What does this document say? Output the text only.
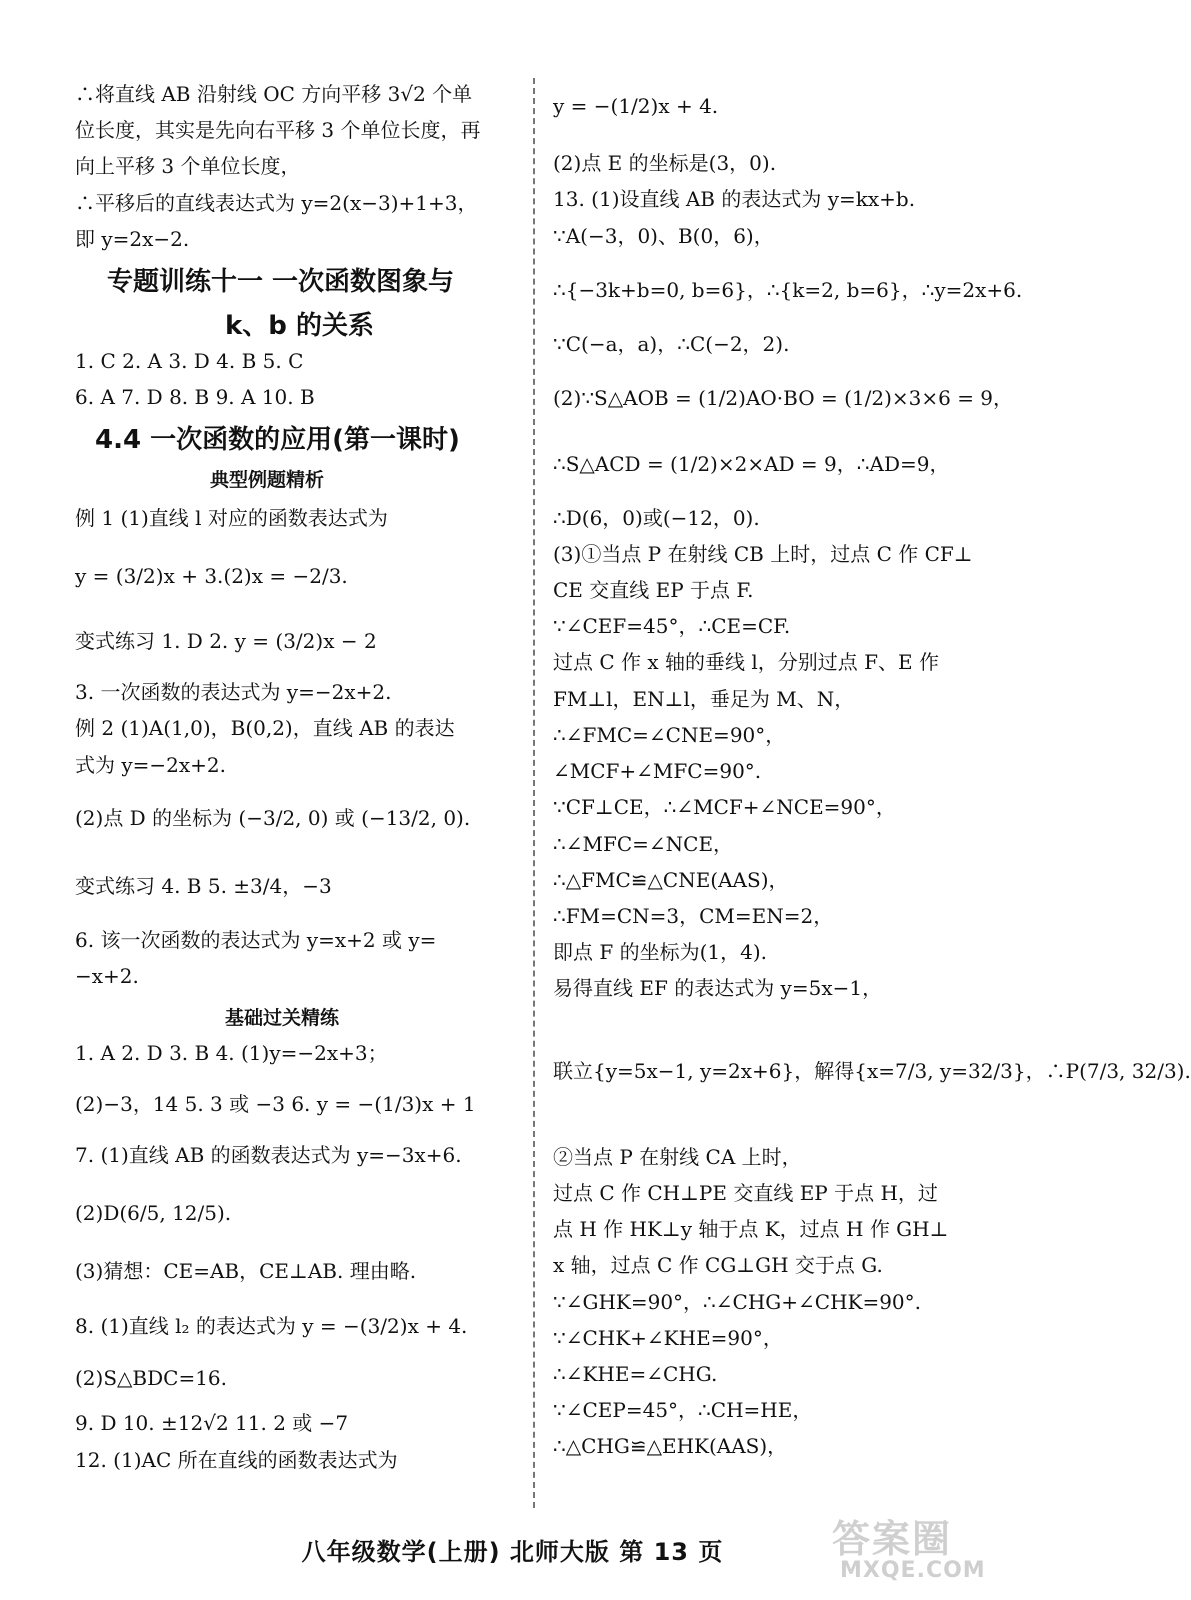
∴将直线 AB 沿射线 OC 方向平移 3√2 个单
位长度，其实是先向右平移 3 个单位长度，再
向上平移 3 个单位长度，
∴平移后的直线表达式为 y=2(x−3)+1+3，
即 y=2x−2.
专题训练十一 一次函数图象与
k、b 的关系
1. C 2. A 3. D 4. B 5. C
6. A 7. D 8. B 9. A 10. B
4.4 一次函数的应用(第一课时)
典型例题精析
例 1 (1)直线 l 对应的函数表达式为
y = (3/2)x + 3.(2)x = −2/3.
变式练习 1. D 2. y = (3/2)x − 2
3. 一次函数的表达式为 y=−2x+2.
例 2 (1)A(1,0)，B(0,2)，直线 AB 的表达
式为 y=−2x+2.
(2)点 D 的坐标为 (−3/2, 0) 或 (−13/2, 0).
变式练习 4. B 5. ±3/4，−3
6. 该一次函数的表达式为 y=x+2 或 y=
−x+2.
基础过关精练
1. A 2. D 3. B 4. (1)y=−2x+3；
(2)−3，14 5. 3 或 −3 6. y = −(1/3)x + 1
7. (1)直线 AB 的函数表达式为 y=−3x+6.
(2)D(6/5, 12/5).
(3)猜想：CE=AB，CE⊥AB. 理由略.
8. (1)直线 l₂ 的表达式为 y = −(3/2)x + 4.
(2)S△BDC=16.
9. D 10. ±12√2 11. 2 或 −7
12. (1)AC 所在直线的函数表达式为
y = −(1/2)x + 4.
(2)点 E 的坐标是(3，0).
13. (1)设直线 AB 的表达式为 y=kx+b.
∵A(−3，0)、B(0，6)，
∴{−3k+b=0, b=6}，∴{k=2, b=6}，∴y=2x+6.
∵C(−a，a)，∴C(−2，2).
(2)∵S△AOB = (1/2)AO·BO = (1/2)×3×6 = 9，
∴S△ACD = (1/2)×2×AD = 9，∴AD=9，
∴D(6，0)或(−12，0).
(3)①当点 P 在射线 CB 上时，过点 C 作 CF⊥
CE 交直线 EP 于点 F.
∵∠CEF=45°，∴CE=CF.
过点 C 作 x 轴的垂线 l，分别过点 F、E 作
FM⊥l，EN⊥l，垂足为 M、N，
∴∠FMC=∠CNE=90°，
∠MCF+∠MFC=90°.
∵CF⊥CE，∴∠MCF+∠NCE=90°，
∴∠MFC=∠NCE，
∴△FMC≌△CNE(AAS)，
∴FM=CN=3，CM=EN=2，
即点 F 的坐标为(1，4).
易得直线 EF 的表达式为 y=5x−1，
联立{y=5x−1, y=2x+6}，解得{x=7/3, y=32/3}，∴P(7/3, 32/3).
②当点 P 在射线 CA 上时，
过点 C 作 CH⊥PE 交直线 EP 于点 H，过
点 H 作 HK⊥y 轴于点 K，过点 H 作 GH⊥
x 轴，过点 C 作 CG⊥GH 交于点 G.
∵∠GHK=90°，∴∠CHG+∠CHK=90°.
∵∠CHK+∠KHE=90°，
∴∠KHE=∠CHG.
∵∠CEP=45°，∴CH=HE，
∴△CHG≌△EHK(AAS)，
八年级数学(上册) 北师大版 第 13 页	答案圈
MXQE.COM
